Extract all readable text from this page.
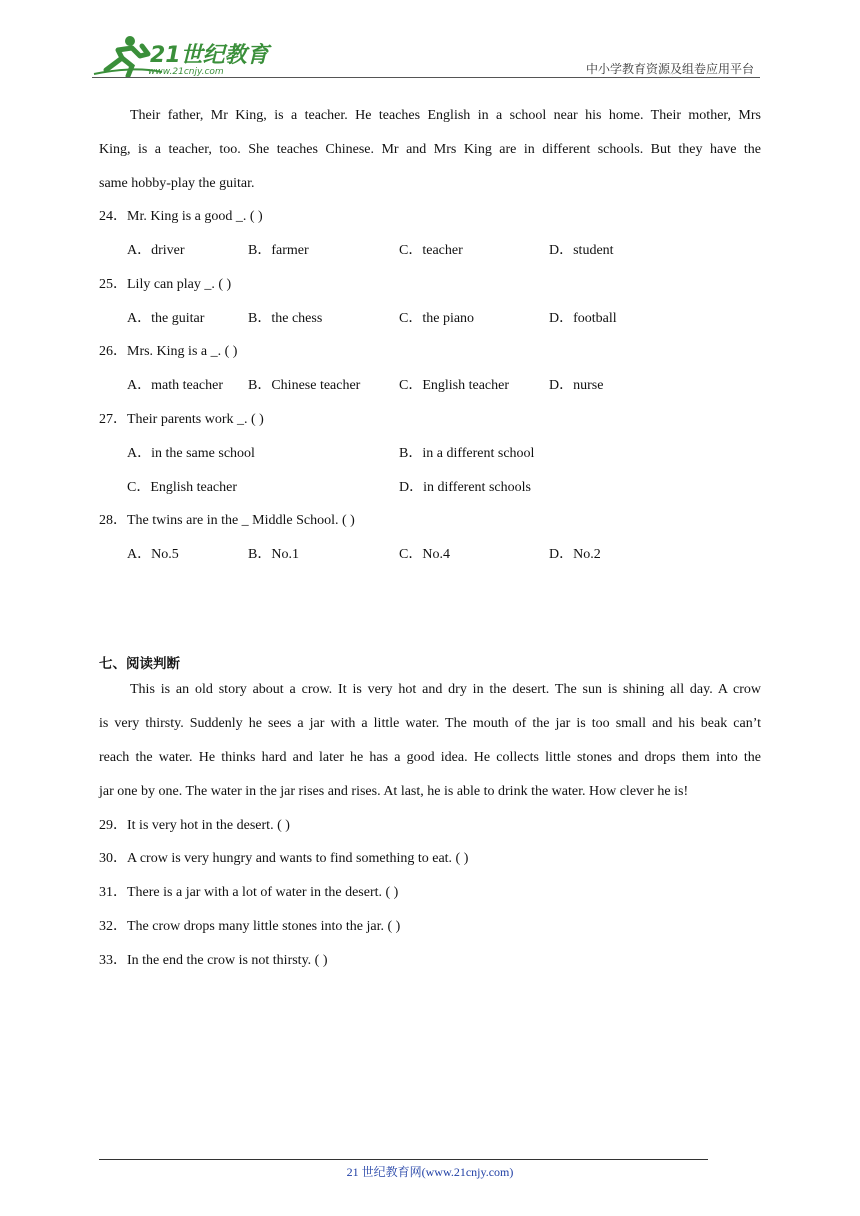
21世纪教育
www.21cnjy.com	中小学教育资源及组卷应用平台
Their father, Mr King, is a teacher. He teaches English in a school near his home. Their mother, Mrs
King, is a teacher, too. She teaches Chinese. Mr and Mrs King are in different schools. But they have the
same hobby-play the guitar.
24．Mr. King is a good _. ( )
A．driver	B．farmer	C．teacher	D．student
25．Lily can play _. ( )
A．the guitar	B．the chess	C．the piano	D．football
26．Mrs. King is a _. ( )
A．math teacher B．Chinese teacher	C．English teacher	D．nurse
27．Their parents work _. ( )
A．in the same school	B．in a different school
C．English teacher	D．in different schools
28．The twins are in the _ Middle School. ( )
A．No.5	B．No.1	C．No.4	D．No.2
七、阅读判断
This is an old story about a crow. It is very hot and dry in the desert. The sun is shining all day. A crow
is very thirsty. Suddenly he sees a jar with a little water. The mouth of the jar is too small and his beak can’t
reach the water. He thinks hard and later he has a good idea. He collects little stones and drops them into the
jar one by one. The water in the jar rises and rises. At last, he is able to drink the water. How clever he is!
29．It is very hot in the desert. ( )
30．A crow is very hungry and wants to find something to eat. ( )
31．There is a jar with a lot of water in the desert. ( )
32．The crow drops many little stones into the jar. ( )
33．In the end the crow is not thirsty. ( )
21 世纪教育网(www.21cnjy.com)
